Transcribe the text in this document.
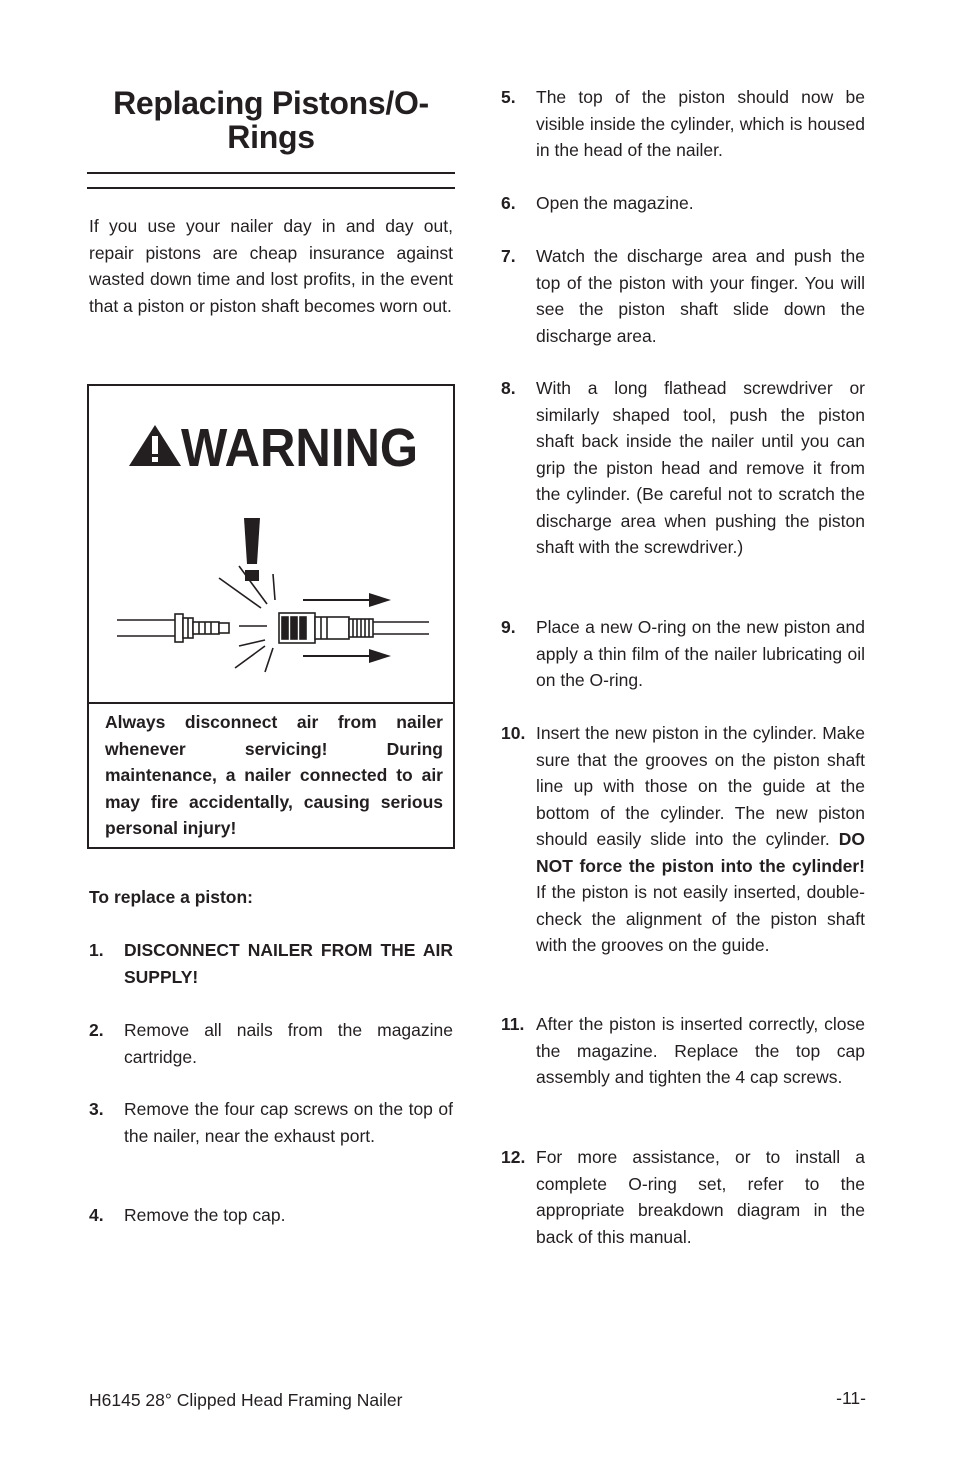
Replacing Pistons/O-
Rings
If you use your nailer day in and day out, repair pistons are cheap insurance against wasted down time and lost profits, in the event that a piston or piston shaft becomes worn out.
WARNING
Always disconnect air from nailer whenever servicing! During maintenance, a nailer connected to air may fire accidentally, causing serious personal injury!
To replace a piston:
1. DISCONNECT NAILER FROM THE AIR SUPPLY!
2. Remove all nails from the magazine cartridge.
3. Remove the four cap screws on the top of the nailer, near the exhaust port.
4. Remove the top cap.
5. The top of the piston should now be visible inside the cylinder, which is housed in the head of the nailer.
6. Open the magazine.
7. Watch the discharge area and push the top of the piston with your finger. You will see the piston shaft slide down the discharge area.
8. With a long flathead screwdriver or similarly shaped tool, push the piston shaft back inside the nailer until you can grip the piston head and remove it from the cylinder. (Be careful not to scratch the discharge area when pushing the piston shaft with the screwdriver.)
9. Place a new O-ring on the new piston and apply a thin film of the nailer lubricating oil on the O-ring.
10. Insert the new piston in the cylinder. Make sure that the grooves on the piston shaft line up with those on the guide at the bottom of the cylinder. The new piston should easily slide into the cylinder. DO NOT force the piston into the cylinder! If the piston is not easily inserted, double-check the alignment of the piston shaft with the grooves on the guide.
11. After the piston is inserted correctly, close the magazine. Replace the top cap assembly and tighten the 4 cap screws.
12. For more assistance, or to install a complete O-ring set, refer to the appropriate breakdown diagram in the back of this manual.
H6145 28° Clipped Head Framing Nailer	-11-
